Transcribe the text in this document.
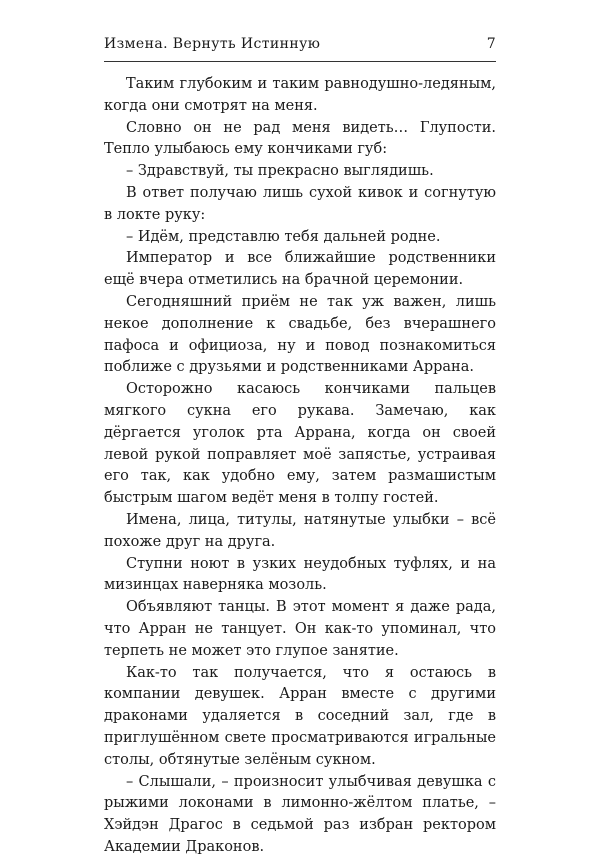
Измена. Вернуть Истинную	7

Таким глубоким и таким равнодушно-ледяным, когда они смотрят на меня.

Словно он не рад меня видеть… Глупости. Тепло улыбаюсь ему кончиками губ:

– Здравствуй, ты прекрасно выглядишь.

В ответ получаю лишь сухой кивок и согнутую в локте руку:

– Идём, представлю тебя дальней родне.

Император и все ближайшие родственники ещё вчера отметились на брачной церемонии.

Сегодняшний приём не так уж важен, лишь некое дополнение к свадьбе, без вчерашнего пафоса и официоза, ну и повод познакомиться поближе с друзьями и родственниками Аррана.

Осторожно касаюсь кончиками пальцев мягкого сукна его рукава. Замечаю, как дёргается уголок рта Аррана, когда он своей левой рукой поправляет моё запястье, устраивая его так, как удобно ему, затем размашистым быстрым шагом ведёт меня в толпу гостей.

Имена, лица, титулы, натянутые улыбки – всё похоже друг на друга.

Ступни ноют в узких неудобных туфлях, и на мизинцах наверняка мозоль.

Объявляют танцы. В этот момент я даже рада, что Арран не танцует. Он как-то упоминал, что терпеть не может это глупое занятие.

Как-то так получается, что я остаюсь в компании девушек. Арран вместе с другими драконами удаляется в соседний зал, где в приглушённом свете просматриваются игральные столы, обтянутые зелёным сукном.

– Слышали, – произносит улыбчивая девушка с рыжими локонами в лимонно-жёлтом платье, – Хэйдэн Драгос в седьмой раз избран ректором Академии Драконов.
